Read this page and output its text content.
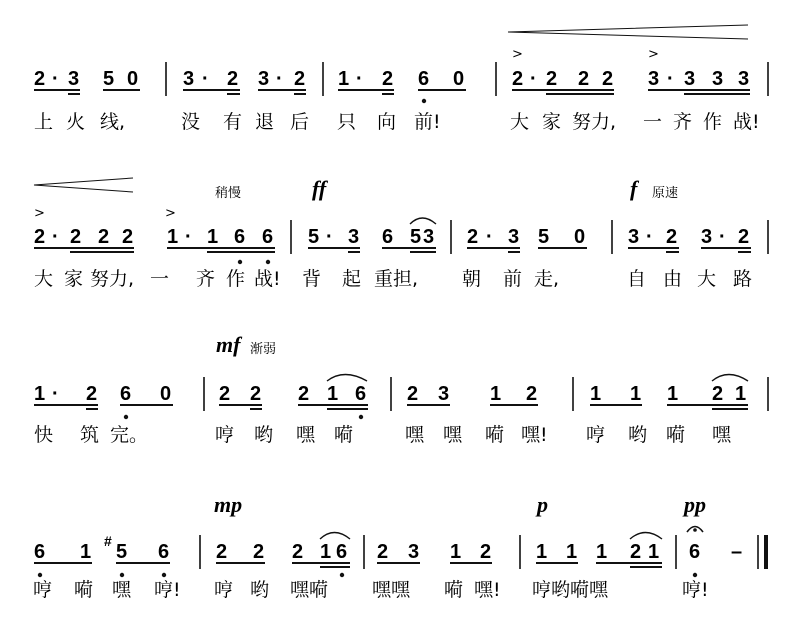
>	>
2 · 3 5 0 3 · 2 3 · 2 1 · 2 6 0 2 · 2 2 2 3 · 3 3 3
上 火 线,	没 有 退 后 只 向 前!	大 家 努力, 一 齐 作 战!
稍慢	ff	f 原速
>	>
2 · 2 2 2 1 · 1 6 6 5 · 3 6 5 3 2 · 3 5 0 3 · 2 3 · 2
大 家 努力, 一 齐 作 战! 背 起 重担, 朝 前 走,	自 由 大 路
mf 渐弱
1 · 2 6 0 2 2 2 1 6 2 3 1 2	1 1 1 2 1
快 筑 完。	哼 哟 嘿 嗬	嘿 嘿 嗬 嘿! 哼 哟 嗬 嘿
mp	p	pp
6 1 # 5 6 2 2 2 1 6 2 3 1 2 1 1 1 2 1 6 –
哼 嗬 嘿 哼! 哼 哟 嘿嗬 嘿嘿 嗬 嘿! 哼哟嗬嘿	哼!
